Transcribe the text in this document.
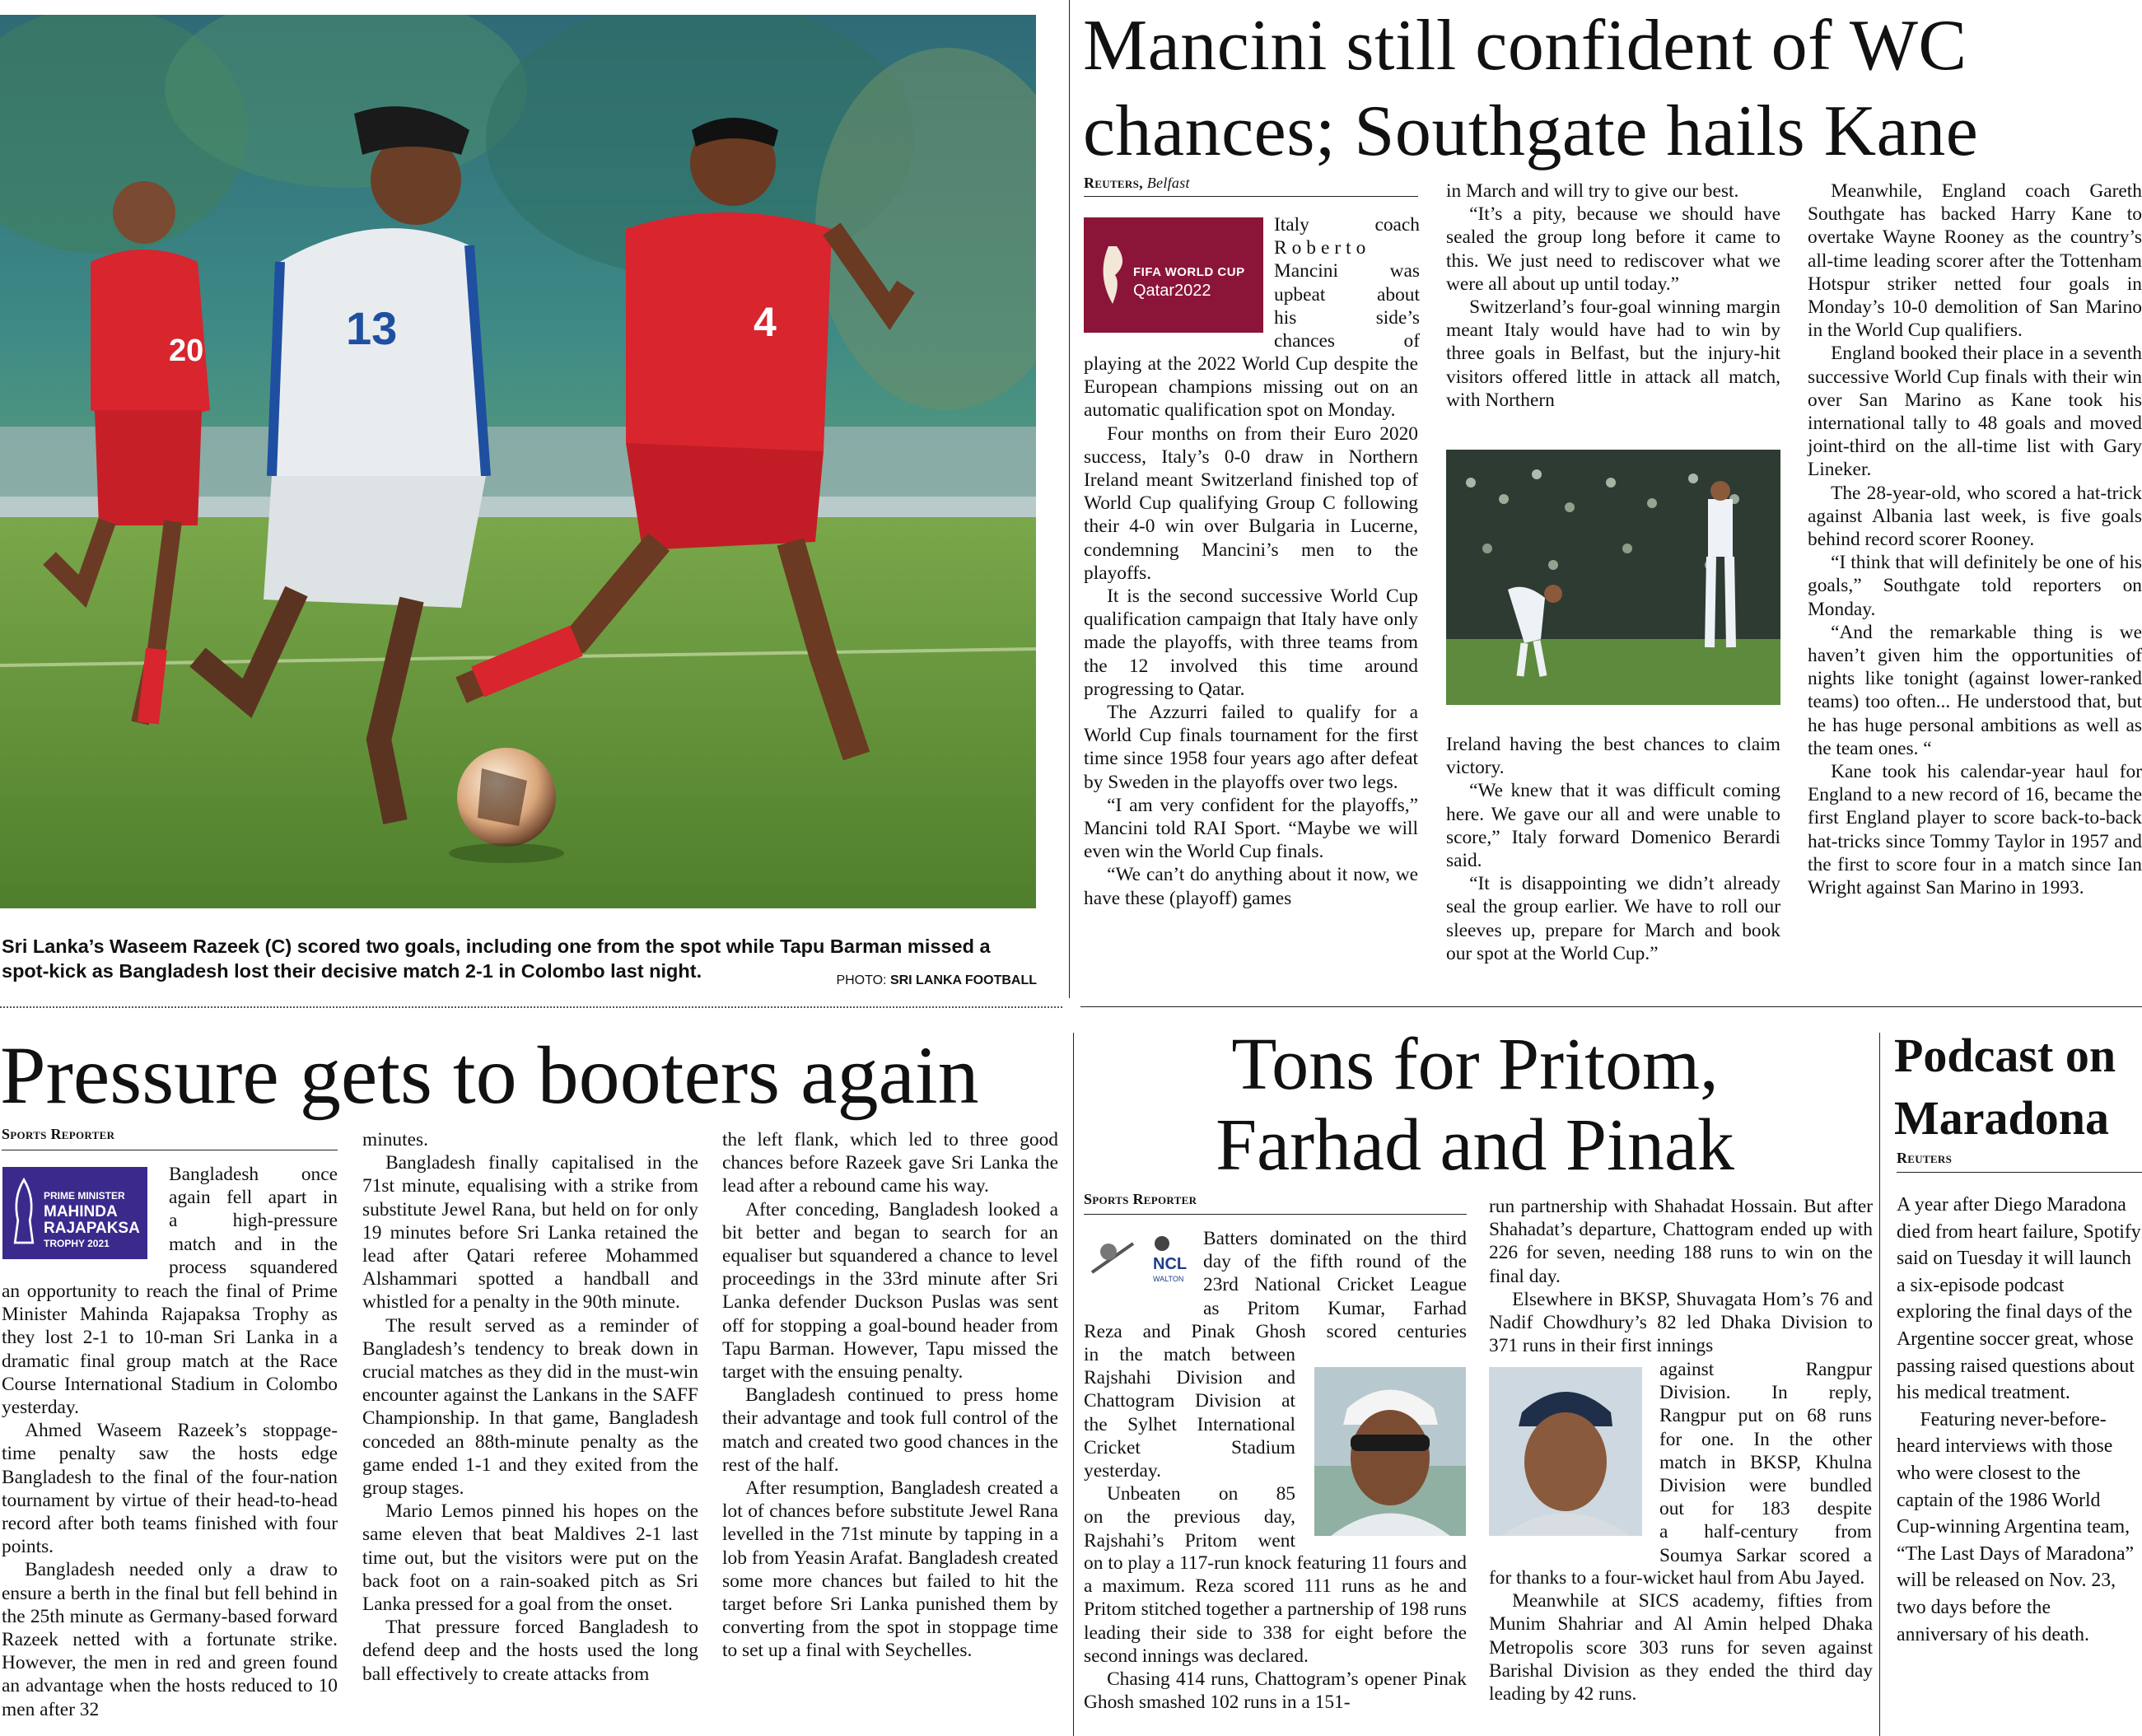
20	13	4
Sri Lanka’s Waseem Razeek (C) scored two goals, including one from the spot while Tapu Barman missed a spot-kick as Bangladesh lost their decisive match 2-1 in Colombo last night.	PHOTO: SRI LANKA FOOTBALL
Mancini still confident of WC
chances; Southgate hails Kane
Reuters, Belfast
FIFA WORLD CUP
Qatar2022
Italy coach
Roberto
Mancini was
upbeat about
his side’s
chances of

playing at the 2022 World Cup despite the European champions missing out on an automatic qualification spot on Monday.

Four months on from their Euro 2020 success, Italy’s 0-0 draw in Northern Ireland meant Switzerland finished top of World Cup qualifying Group C following their 4-0 win over Bulgaria in Lucerne, condemning Mancini’s men to the playoffs.

It is the second successive World Cup qualification campaign that Italy have only made the playoffs, with three teams from the 12 involved this time around progressing to Qatar.

The Azzurri failed to qualify for a World Cup finals tournament for the first time since 1958 four years ago after defeat by Sweden in the playoffs over two legs.

“I am very confident for the playoffs,” Mancini told RAI Sport. “Maybe we will even win the World Cup finals.

“We can’t do anything about it now, we have these (playoff) games

in March and will try to give our best.

“It’s a pity, because we should have sealed the group long before it came to this. We just need to rediscover what we were all about up until today.”

Switzerland’s four-goal winning margin meant Italy would have had to win by three goals in Belfast, but the injury-hit visitors offered little in attack all match, with Northern

Ireland having the best chances to claim victory.

“We knew that it was difficult coming here. We gave our all and were unable to score,” Italy forward Domenico Berardi said.

“It is disappointing we didn’t already seal the group earlier. We have to roll our sleeves up, prepare for March and book our spot at the World Cup.”

Meanwhile, England coach Gareth Southgate has backed Harry Kane to overtake Wayne Rooney as the country’s all-time leading scorer after the Tottenham Hotspur striker netted four goals in Monday’s 10-0 demolition of San Marino in the World Cup qualifiers.

England booked their place in a seventh successive World Cup finals with their win over San Marino as Kane took his international tally to 48 goals and moved joint-third on the all-time list with Gary Lineker.

The 28-year-old, who scored a hat-trick against Albania last week, is five goals behind record scorer Rooney.

“I think that will definitely be one of his goals,” Southgate told reporters on Monday.

“And the remarkable thing is we haven’t given him the opportunities of nights like tonight (against lower-ranked teams) too often... He understood that, but he has huge personal ambitions as well as the team ones. “

Kane took his calendar-year haul for England to a new record of 16, became the first England player to score back-to-back hat-tricks since Tommy Taylor in 1957 and the first to score four in a match since Ian Wright against San Marino in 1993.

Pressure gets to booters again
Sports Reporter
PRIME MINISTER
MAHINDA
RAJAPAKSA
TROPHY 2021
Bangladesh once
again fell apart in
a high-pressure
match and in the
process squandered

an opportunity to reach the final of Prime Minister Mahinda Rajapaksa Trophy as they lost 2-1 to 10-man Sri Lanka in a dramatic final group match at the Race Course International Stadium in Colombo yesterday.

Ahmed Waseem Razeek’s stoppage-time penalty saw the hosts edge Bangladesh to the final of the four-nation tournament by virtue of their head-to-head record after both teams finished with four points.

Bangladesh needed only a draw to ensure a berth in the final but fell behind in the 25th minute as Germany-based forward Razeek netted with a fortunate strike. However, the men in red and green found an advantage when the hosts reduced to 10 men after 32

minutes.

Bangladesh finally capitalised in the 71st minute, equalising with a strike from substitute Jewel Rana, but held on for only 19 minutes before Sri Lanka retained the lead after Qatari referee Mohammed Alshammari spotted a handball and whistled for a penalty in the 90th minute.

The result served as a reminder of Bangladesh’s tendency to break down in crucial matches as they did in the must-win encounter against the Lankans in the SAFF Championship. In that game, Bangladesh conceded an 88th-minute penalty as the game ended 1-1 and they exited from the group stages.

Mario Lemos pinned his hopes on the same eleven that beat Maldives 2-1 last time out, but the visitors were put on the back foot on a rain-soaked pitch as Sri Lanka pressed for a goal from the onset.

That pressure forced Bangladesh to defend deep and the hosts used the long ball effectively to create attacks from

the left flank, which led to three good chances before Razeek gave Sri Lanka the lead after a rebound came his way.

After conceding, Bangladesh looked a bit better and began to search for an equaliser but squandered a chance to level proceedings in the 33rd minute after Sri Lanka defender Duckson Puslas was sent off for stopping a goal-bound header from Tapu Barman. However, Tapu missed the target with the ensuing penalty.

Bangladesh continued to press home their advantage and took full control of the match and created two good chances in the rest of the half.

After resumption, Bangladesh created a lot of chances before substitute Jewel Rana levelled in the 71st minute by tapping in a lob from Yeasin Arafat. Bangladesh created some more chances but failed to hit the target before Sri Lanka punished them by converting from the spot in stoppage time to set up a final with Seychelles.

Tons for Pritom,
Farhad and Pinak
Sports Reporter
NCL
WALTON
Batters dominated on the third
day of the fifth round of the
23rd National Cricket League
as Pritom Kumar, Farhad
Reza and Pinak Ghosh scored centuries
in the match between
Rajshahi Division and
Chattogram Division at
the Sylhet International
Cricket Stadium
yesterday.
Unbeaten on 85
on the previous day,
Rajshahi’s Pritom went

on to play a 117-run knock featuring 11 fours and a maximum. Reza scored 111 runs as he and Pritom stitched together a partnership of 198 runs leading their side to 338 for eight before the second innings was declared.

Chasing 414 runs, Chattogram’s opener Pinak Ghosh smashed 102 runs in a 151-

run partnership with Shahadat Hossain. But after Shahadat’s departure, Chattogram ended up with 226 for seven, needing 188 runs to win on the final day.

Elsewhere in BKSP, Shuvagata Hom’s 76 and Nadif Chowdhury’s 82 led Dhaka Division to 371 runs in their first innings

against Rangpur
Division. In reply,
Rangpur put on 68 runs
for one. In the other
match in BKSP, Khulna
Division were bundled
out for 183 despite
a half-century from
Soumya Sarkar scored a

for thanks to a four-wicket haul from Abu Jayed.

Meanwhile at SICS academy, fifties from Munim Shahriar and Al Amin helped Dhaka Metropolis score 303 runs for seven against Barishal Division as they ended the third day leading by 42 runs.

Podcast on
Maradona
Reuters

A year after Diego Maradona died from heart failure, Spotify said on Tuesday it will launch a six-episode podcast exploring the final days of the Argentine soccer great, whose passing raised questions about his medical treatment.

Featuring never-before-heard interviews with those who were closest to the captain of the 1986 World Cup-winning Argentina team, “The Last Days of Maradona” will be released on Nov. 23, two days before the anniversary of his death.
